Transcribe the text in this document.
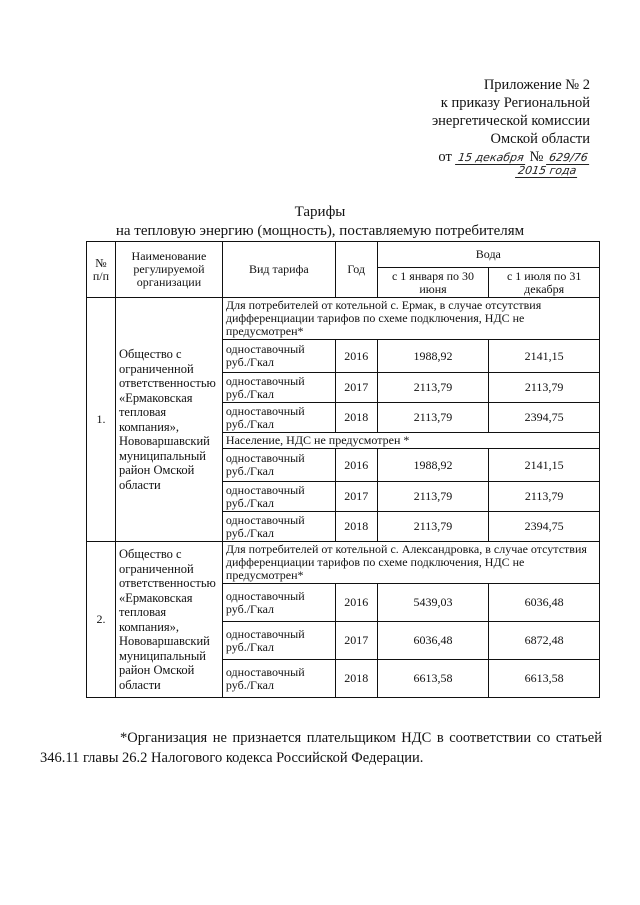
Приложение № 2
к приказу Региональной
энергетической комиссии
Омской области
от 15 декабря № 629/76
2015 года
Тарифы
на тепловую энергию (мощность), поставляемую потребителям
№
п/п	Наименование регулируемой организации	Вид тарифа	Год	Вода	
				с 1 января по 30 июня	с 1 июля по 31 декабря
1.	Общество с ограниченной ответственностью «Ермаковская тепловая компания», Нововаршавский муниципальный район Омской области	Для потребителей от котельной с. Ермак, в случае отсутствия дифференциации тарифов по схеме подключения, НДС не предусмотрен*			
		одноставочный руб./Гкал	2016	1988,92	2141,15
		одноставочный руб./Гкал	2017	2113,79	2113,79
		одноставочный руб./Гкал	2018	2113,79	2394,75
		Население, НДС не предусмотрен *			
		одноставочный руб./Гкал	2016	1988,92	2141,15
		одноставочный руб./Гкал	2017	2113,79	2113,79
		одноставочный руб./Гкал	2018	2113,79	2394,75
2.	Общество с ограниченной ответственностью «Ермаковская тепловая компания», Нововаршавский муниципальный район Омской области	Для потребителей от котельной с. Александровка, в случае отсутствия дифференциации тарифов по схеме подключения, НДС не предусмотрен*			
		одноставочный руб./Гкал	2016	5439,03	6036,48
		одноставочный руб./Гкал	2017	6036,48	6872,48
		одноставочный руб./Гкал	2018	6613,58	6613,58
*Организация не признается плательщиком НДС в соответствии со статьей 346.11 главы 26.2 Налогового кодекса Российской Федерации.
